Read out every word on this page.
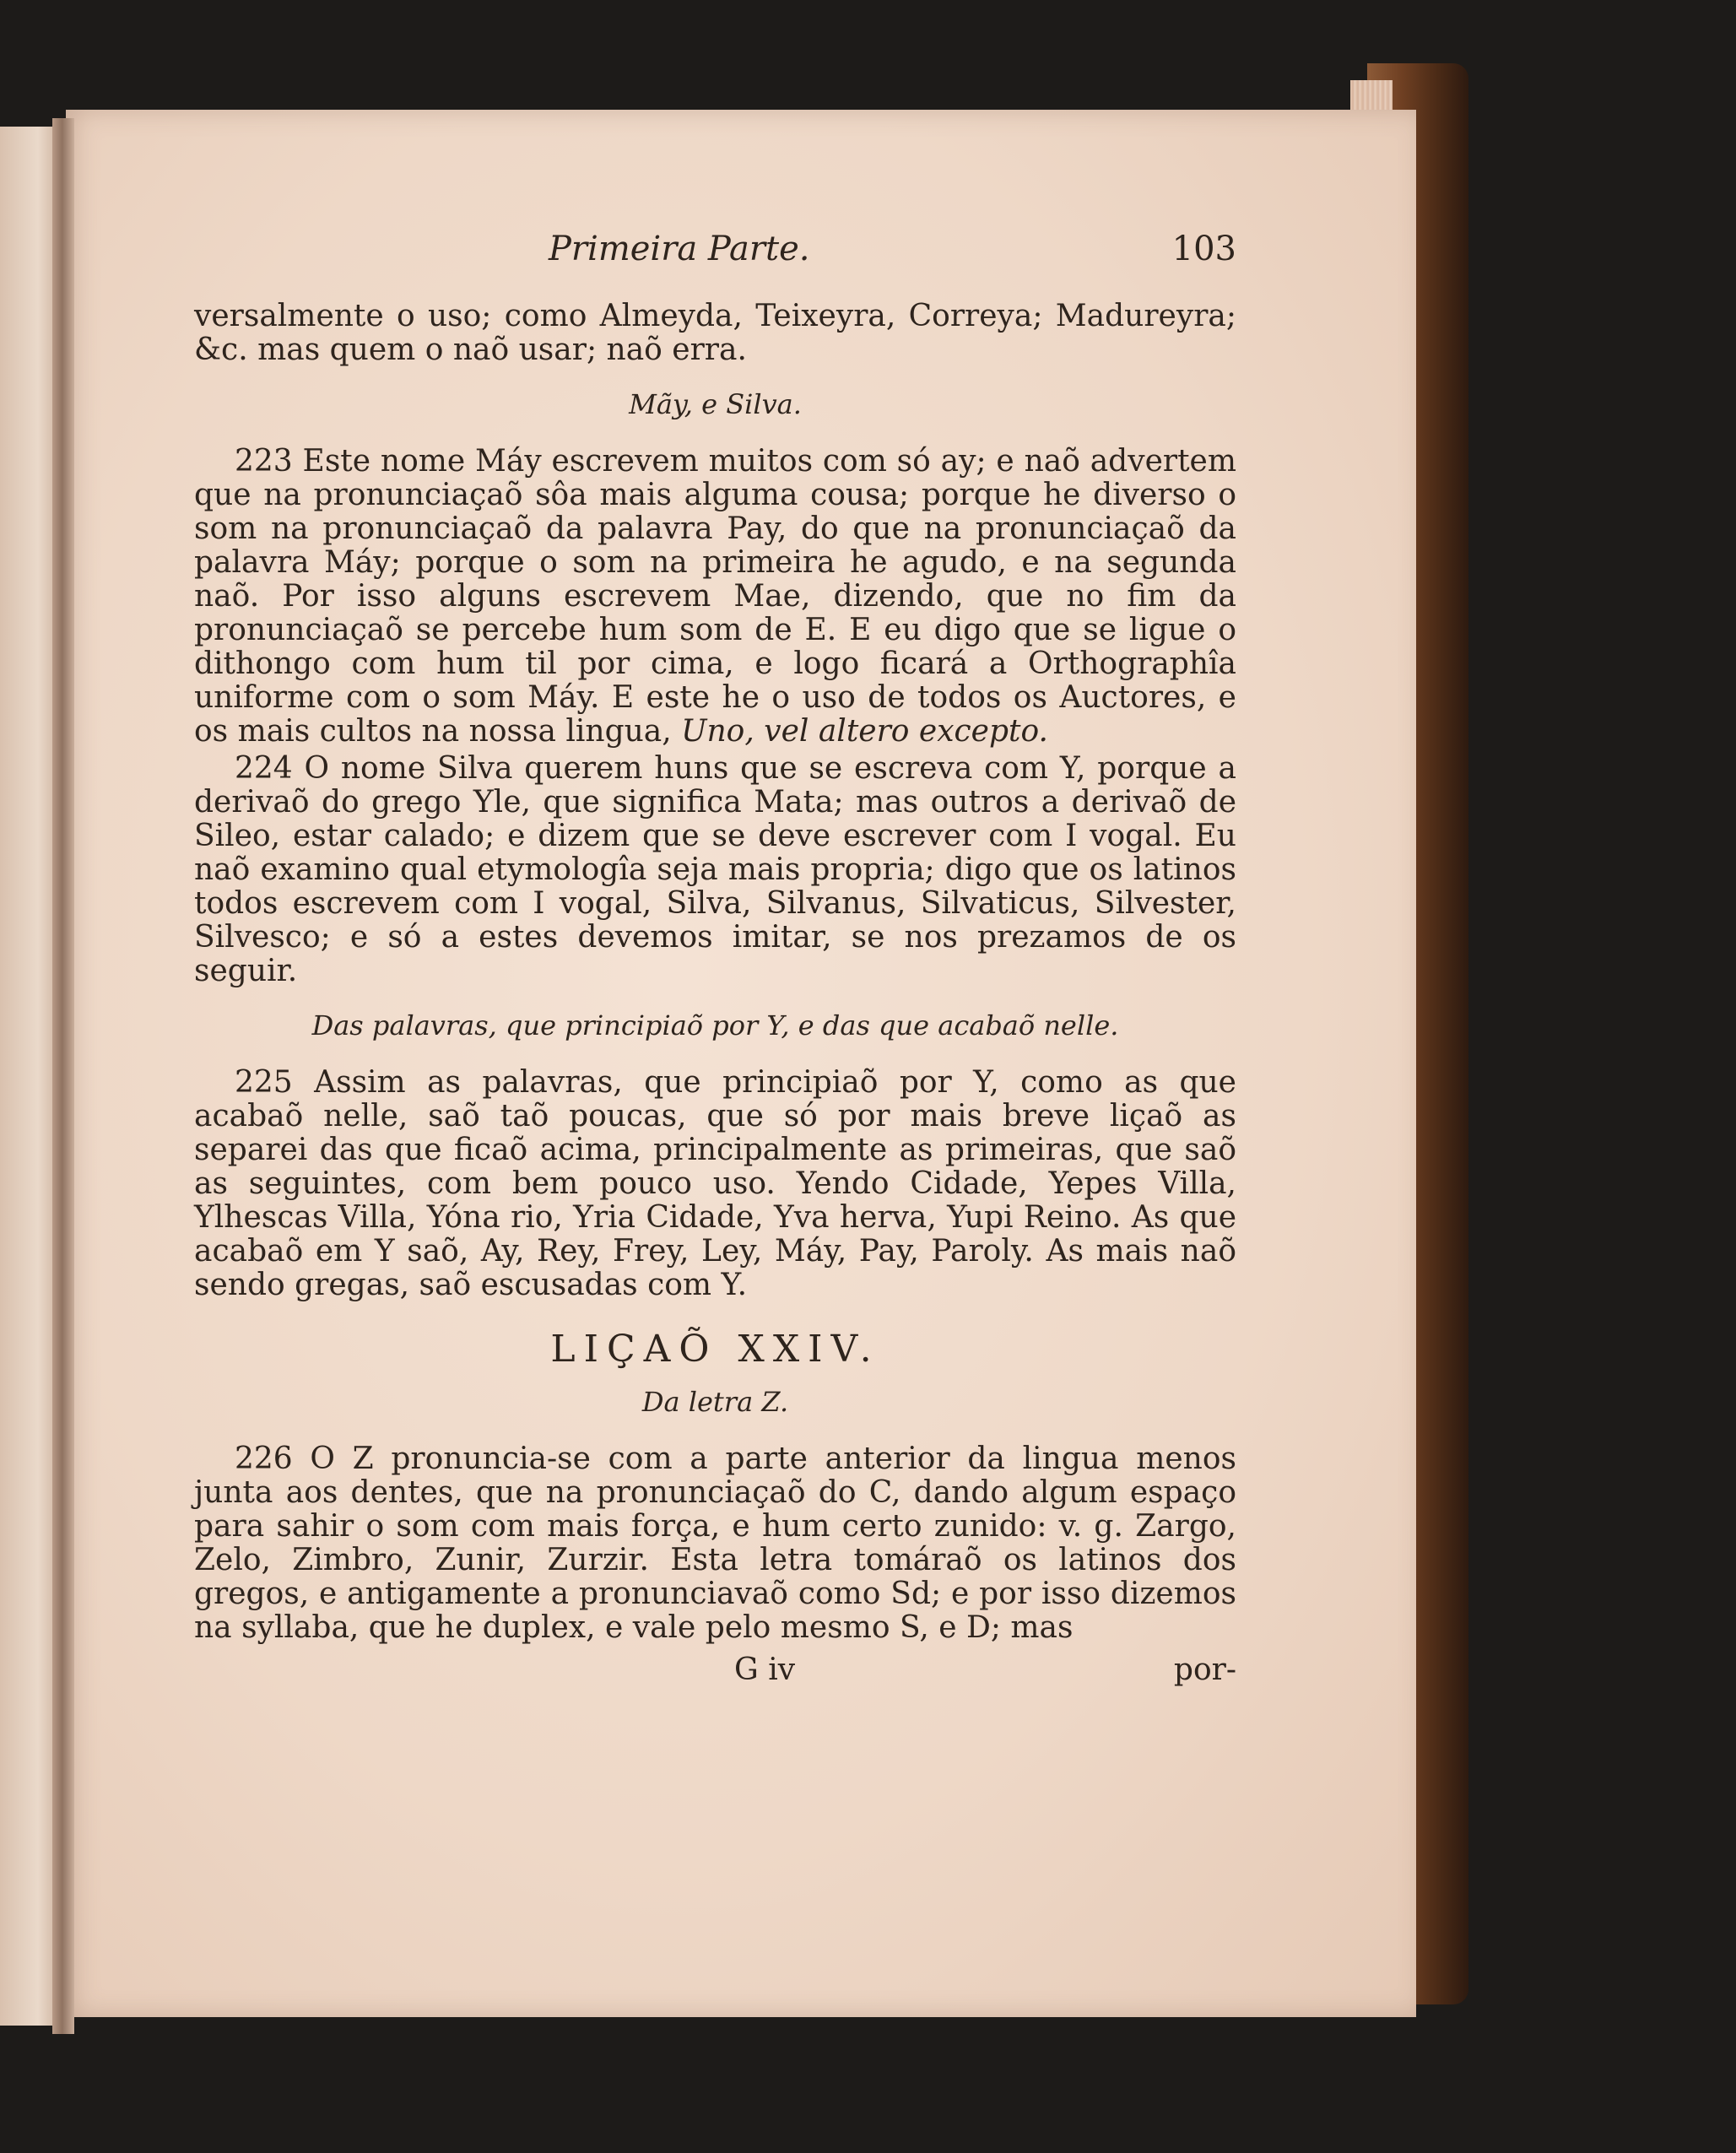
Primeira Parte.	103

versalmente o uso; como Almeyda, Teixeyra, Correya; Madureyra; &c. mas quem o naõ usar; naõ erra.

Mãy, e Silva.

223 Este nome Máy escrevem muitos com só ay; e naõ advertem que na pronunciaçaõ sôa mais alguma cousa; porque he diverso o som na pronunciaçaõ da palavra Pay, do que na pronunciaçaõ da palavra Máy; porque o som na primeira he agudo, e na segunda naõ. Por isso alguns escrevem Mae, dizendo, que no fim da pronunciaçaõ se percebe hum som de E. E eu digo que se ligue o dithongo com hum til por cima, e logo ficará a Orthographîa uniforme com o som Máy. E este he o uso de todos os Auctores, e os mais cultos na nossa lingua, Uno, vel altero excepto.

224 O nome Silva querem huns que se escreva com Y, porque a derivaõ do grego Yle, que significa Mata; mas outros a derivaõ de Sileo, estar calado; e dizem que se deve escrever com I vogal. Eu naõ examino qual etymologîa seja mais propria; digo que os latinos todos escrevem com I vogal, Silva, Silvanus, Silvaticus, Silvester, Silvesco; e só a estes devemos imitar, se nos prezamos de os seguir.

Das palavras, que principiaõ por Y, e das que acabaõ nelle.

225 Assim as palavras, que principiaõ por Y, como as que acabaõ nelle, saõ taõ poucas, que só por mais breve liçaõ as separei das que ficaõ acima, principalmente as primeiras, que saõ as seguintes, com bem pouco uso. Yendo Cidade, Yepes Villa, Ylhescas Villa, Yóna rio, Yria Cidade, Yva herva, Yupi Reino. As que acabaõ em Y saõ, Ay, Rey, Frey, Ley, Máy, Pay, Paroly. As mais naõ sendo gregas, saõ escusadas com Y.

LIÇAÕ XXIV.
Da letra Z.

226 O Z pronuncia-se com a parte anterior da lingua menos junta aos dentes, que na pronunciaçaõ do C, dando algum espaço para sahir o som com mais força, e hum certo zunido: v. g. Zargo, Zelo, Zimbro, Zunir, Zurzir. Esta letra tomáraõ os latinos dos gregos, e antigamente a pronunciavaõ como Sd; e por isso dizemos na syllaba, que he duplex, e vale pelo mesmo S, e D; mas

G iv	por-
